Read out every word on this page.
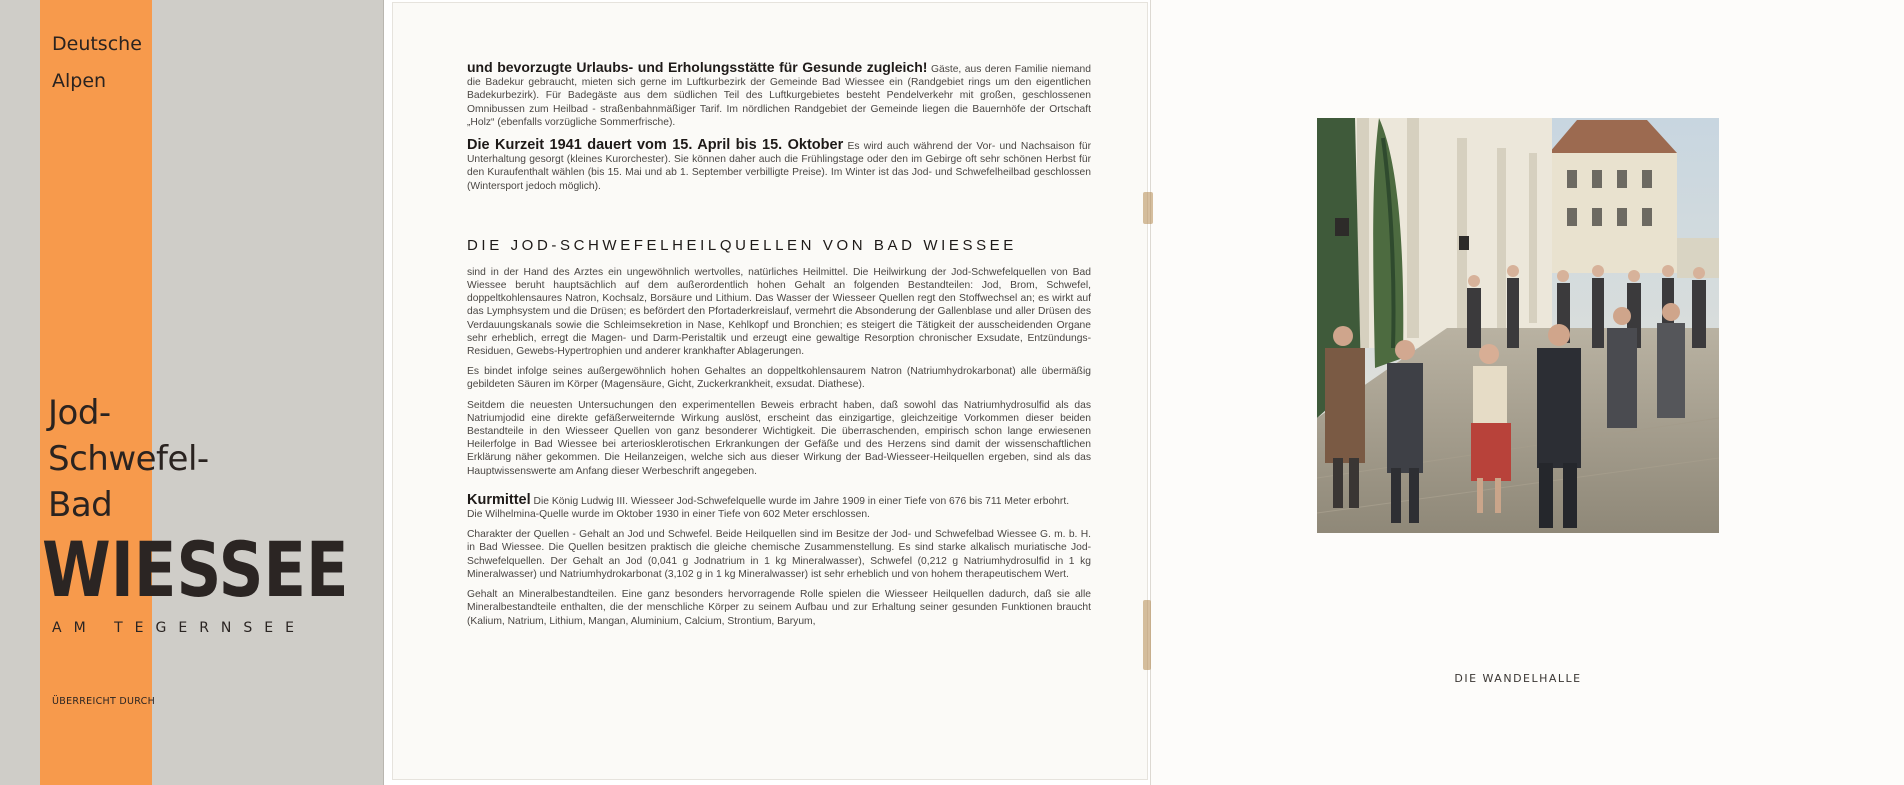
Deutsche
Alpen
Jod-
Schwefel-
Bad
WIESSEE
AM TEGERNSEE
ÜBERREICHT DURCH

und bevorzugte Urlaubs- und Erholungsstätte für Gesunde zugleich! Gäste, aus deren Familie niemand die Badekur gebraucht, mieten sich gerne im Luftkurbezirk der Gemeinde Bad Wiessee ein (Randgebiet rings um den eigentlichen Badekurbezirk). Für Badegäste aus dem südlichen Teil des Luftkurgebietes besteht Pendelverkehr mit großen, geschlossenen Omnibussen zum Heilbad - straßenbahnmäßiger Tarif. Im nördlichen Randgebiet der Gemeinde liegen die Bauernhöfe der Ortschaft „Holz“ (ebenfalls vorzügliche Sommerfrische).

Die Kurzeit 1941 dauert vom 15. April bis 15. Oktober Es wird auch während der Vor- und Nachsaison für Unterhaltung gesorgt (kleines Kurorchester). Sie können daher auch die Frühlingstage oder den im Gebirge oft sehr schönen Herbst für den Kuraufenthalt wählen (bis 15. Mai und ab 1. September verbilligte Preise). Im Winter ist das Jod- und Schwefelheilbad geschlossen (Wintersport jedoch möglich).

DIE JOD-SCHWEFELHEILQUELLEN VON BAD WIESSEE

sind in der Hand des Arztes ein ungewöhnlich wertvolles, natürliches Heilmittel. Die Heilwirkung der Jod-Schwefelquellen von Bad Wiessee beruht hauptsächlich auf dem außerordentlich hohen Gehalt an folgenden Bestandteilen: Jod, Brom, Schwefel, doppeltkohlensaures Natron, Kochsalz, Borsäure und Lithium. Das Wasser der Wiesseer Quellen regt den Stoffwechsel an; es wirkt auf das Lymphsystem und die Drüsen; es befördert den Pfortaderkreislauf, vermehrt die Absonderung der Gallenblase und aller Drüsen des Verdauungskanals sowie die Schleimsekretion in Nase, Kehlkopf und Bronchien; es steigert die Tätigkeit der ausscheidenden Organe sehr erheblich, erregt die Magen- und Darm-Peristaltik und erzeugt eine gewaltige Resorption chronischer Exsudate, Entzündungs-Residuen, Gewebs-Hypertrophien und anderer krankhafter Ablagerungen.

Es bindet infolge seines außergewöhnlich hohen Gehaltes an doppeltkohlensaurem Natron (Natriumhydrokarbonat) alle übermäßig gebildeten Säuren im Körper (Magensäure, Gicht, Zuckerkrankheit, exsudat. Diathese).

Seitdem die neuesten Untersuchungen den experimentellen Beweis erbracht haben, daß sowohl das Natriumhydrosulfid als das Natriumjodid eine direkte gefäßerweiternde Wirkung auslöst, erscheint das einzigartige, gleichzeitige Vorkommen dieser beiden Bestandteile in den Wiesseer Quellen von ganz besonderer Wichtigkeit. Die überraschenden, empirisch schon lange erwiesenen Heilerfolge in Bad Wiessee bei arteriosklerotischen Erkrankungen der Gefäße und des Herzens sind damit der wissenschaftlichen Erklärung näher gekommen. Die Heilanzeigen, welche sich aus dieser Wirkung der Bad-Wiesseer-Heilquellen ergeben, sind als das Hauptwissenswerte am Anfang dieser Werbeschrift angegeben.

Kurmittel Die König Ludwig III. Wiesseer Jod-Schwefelquelle wurde im Jahre 1909 in einer Tiefe von 676 bis 711 Meter erbohrt.

Die Wilhelmina-Quelle wurde im Oktober 1930 in einer Tiefe von 602 Meter erschlossen.

Charakter der Quellen - Gehalt an Jod und Schwefel. Beide Heilquellen sind im Besitze der Jod- und Schwefelbad Wiessee G. m. b. H. in Bad Wiessee. Die Quellen besitzen praktisch die gleiche chemische Zusammenstellung. Es sind starke alkalisch muriatische Jod-Schwefelquellen. Der Gehalt an Jod (0,041 g Jodnatrium in 1 kg Mineralwasser), Schwefel (0,212 g Natriumhydrosulfid in 1 kg Mineralwasser) und Natriumhydrokarbonat (3,102 g in 1 kg Mineralwasser) ist sehr erheblich und von hohem therapeutischem Wert.

Gehalt an Mineralbestandteilen. Eine ganz besonders hervorragende Rolle spielen die Wiesseer Heilquellen dadurch, daß sie alle Mineralbestandteile enthalten, die der menschliche Körper zu seinem Aufbau und zur Erhaltung seiner gesunden Funktionen braucht (Kalium, Natrium, Lithium, Mangan, Aluminium, Calcium, Strontium, Baryum,

DIE WANDELHALLE
